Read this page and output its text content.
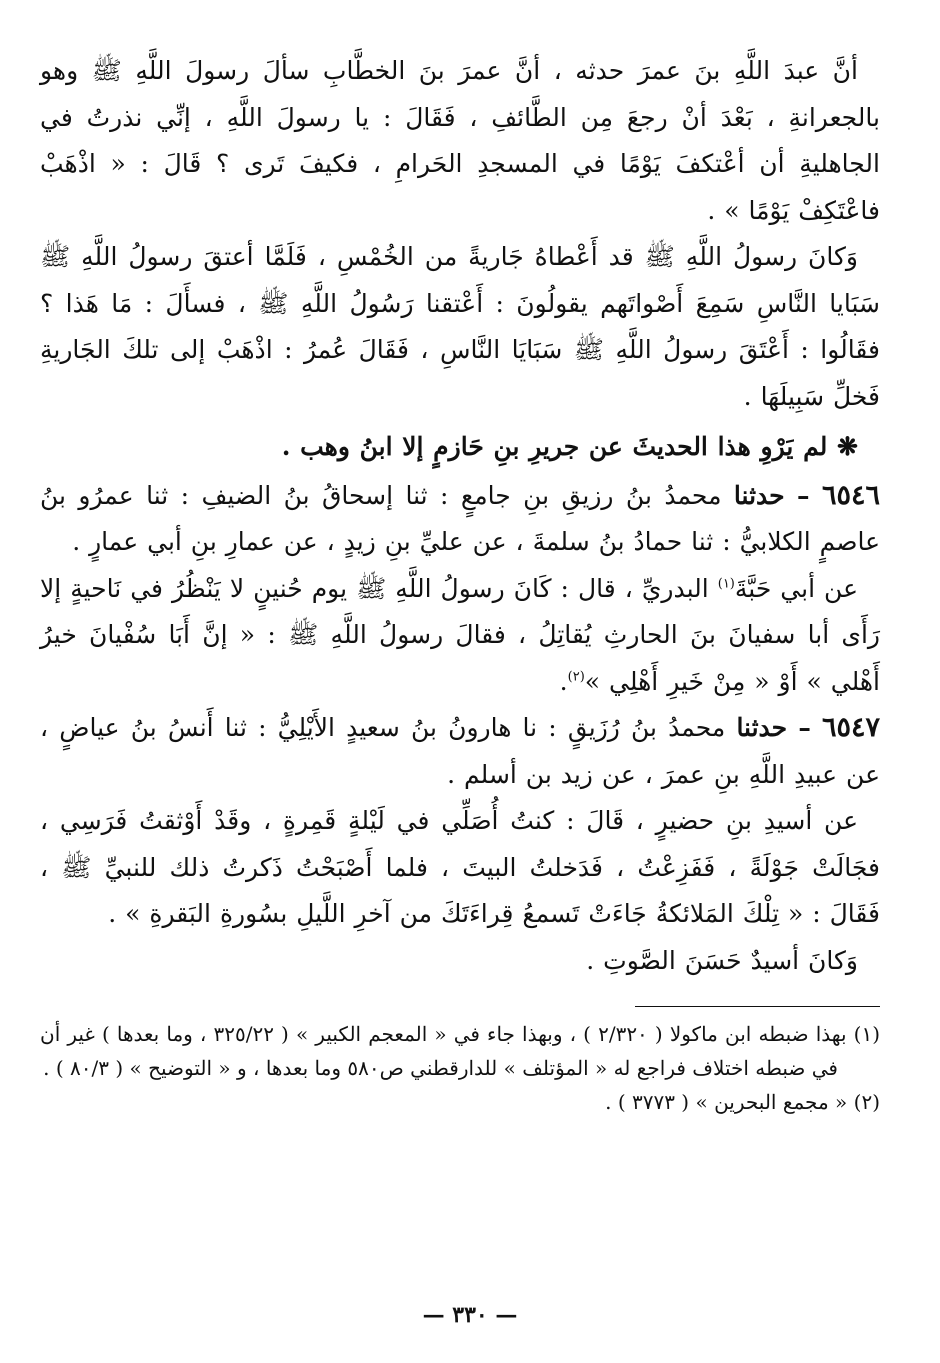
أنَّ عبدَ اللَّهِ بنَ عمرَ حدثه ، أنَّ عمرَ بنَ الخطَّابِ سألَ رسولَ اللَّهِ ﷺ وهو بالجعرانةِ ، بَعْدَ أنْ رجعَ مِن الطَّائفِ ، فَقَالَ : يا رسولَ اللَّهِ ، إنِّي نذرتُ في الجاهليةِ أن أعْتكفَ يَوْمًا في المسجدِ الحَرامِ ، فكيفَ تَرى ؟ قَالَ : « اذْهَبْ فاعْتَكِفْ يَوْمًا » .

وَكانَ رسولُ اللَّهِ ﷺ قد أَعْطاهُ جَاريةً من الخُمْسِ ، فَلَمَّا أعتقَ رسولُ اللَّهِ ﷺ سَبَايا النَّاسِ سَمِعَ أَصْواتَهم يقولُونَ : أَعْتقنا رَسُولُ اللَّهِ ﷺ ، فسأَلَ : مَا هَذا ؟ فقَالُوا : أَعْتَقَ رسولُ اللَّهِ ﷺ سَبَايَا النَّاسِ ، فَقَالَ عُمرُ : اذْهَبْ إلى تلكَ الجَاريةِ فَخلِّ سَبِيلَهَا .

❋ لم يَرْوِ هذا الحديثَ عن جريرِ بنِ حَازمٍ إلا ابنُ وهب .

٦٥٤٦ – حدثنا محمدُ بنُ رزيقِ بنِ جامعٍ : ثنا إسحاقُ بنُ الضيفِ : ثنا عمرُو بنُ عاصمٍ الكلابيُّ : ثنا حمادُ بنُ سلمةَ ، عن عليِّ بنِ زيدٍ ، عن عمارِ بنِ أبي عمارٍ .

عن أبي حَبَّةَ$^{(١)}$ البدريِّ ، قال : كَانَ رسولُ اللَّهِ ﷺ يوم حُنينٍ لا يَنْظُرُ في نَاحيةٍ إلا رَأَى أبا سفيانَ بنَ الحارثِ يُقاتِلُ ، فقالَ رسولُ اللَّهِ ﷺ : « إنَّ أَبَا سُفْيانَ خيرُ أَهْلي » أَوْ « مِنْ خَيرِ أَهْلِي »$^{(٢)}$.

٦٥٤٧ – حدثنا محمدُ بنُ رُزَيقٍ : نا هارونُ بنُ سعيدٍ الأَيْلِيُّ : ثنا أَنسُ بنُ عياضٍ ، عن عبيدِ اللَّهِ بنِ عمرَ ، عن زيد بن أسلم .

عن أسيدِ بنِ حضيرٍ ، قَالَ : كنتُ أُصَلِّي في لَيْلةٍ قَمِرةٍ ، وقَدْ أَوْثقتُ فَرَسِي ، فجَالَتْ جَوْلَةً ، فَفَزِعْتُ ، فَدَخلتُ البيتَ ، فلما أَصْبَحْتُ ذَكرتُ ذلك للنبيِّ ﷺ ، فَقَالَ : « تِلْكَ المَلائكةُ جَاءَتْ تَسمعُ قِراءَتَكَ من آخرِ اللَّيلِ بسُورةِ البَقرةِ » .

وَكانَ أسيدٌ حَسَنَ الصَّوتِ .

(١) بهذا ضبطه ابن ماكولا ( ٢/٣٢٠ ) ، وبهذا جاء في « المعجم الكبير » ( ٣٢٥/٢٢ ، وما بعدها ) غير أن في ضبطه اختلاف فراجع له « المؤتلف » للدارقطني ص٥٨٠ وما بعدها ، و « التوضيح » ( ٨٠/٣ ) .

(٢) « مجمع البحرين » ( ٣٧٧٣ ) .

— ٣٣٠ —
